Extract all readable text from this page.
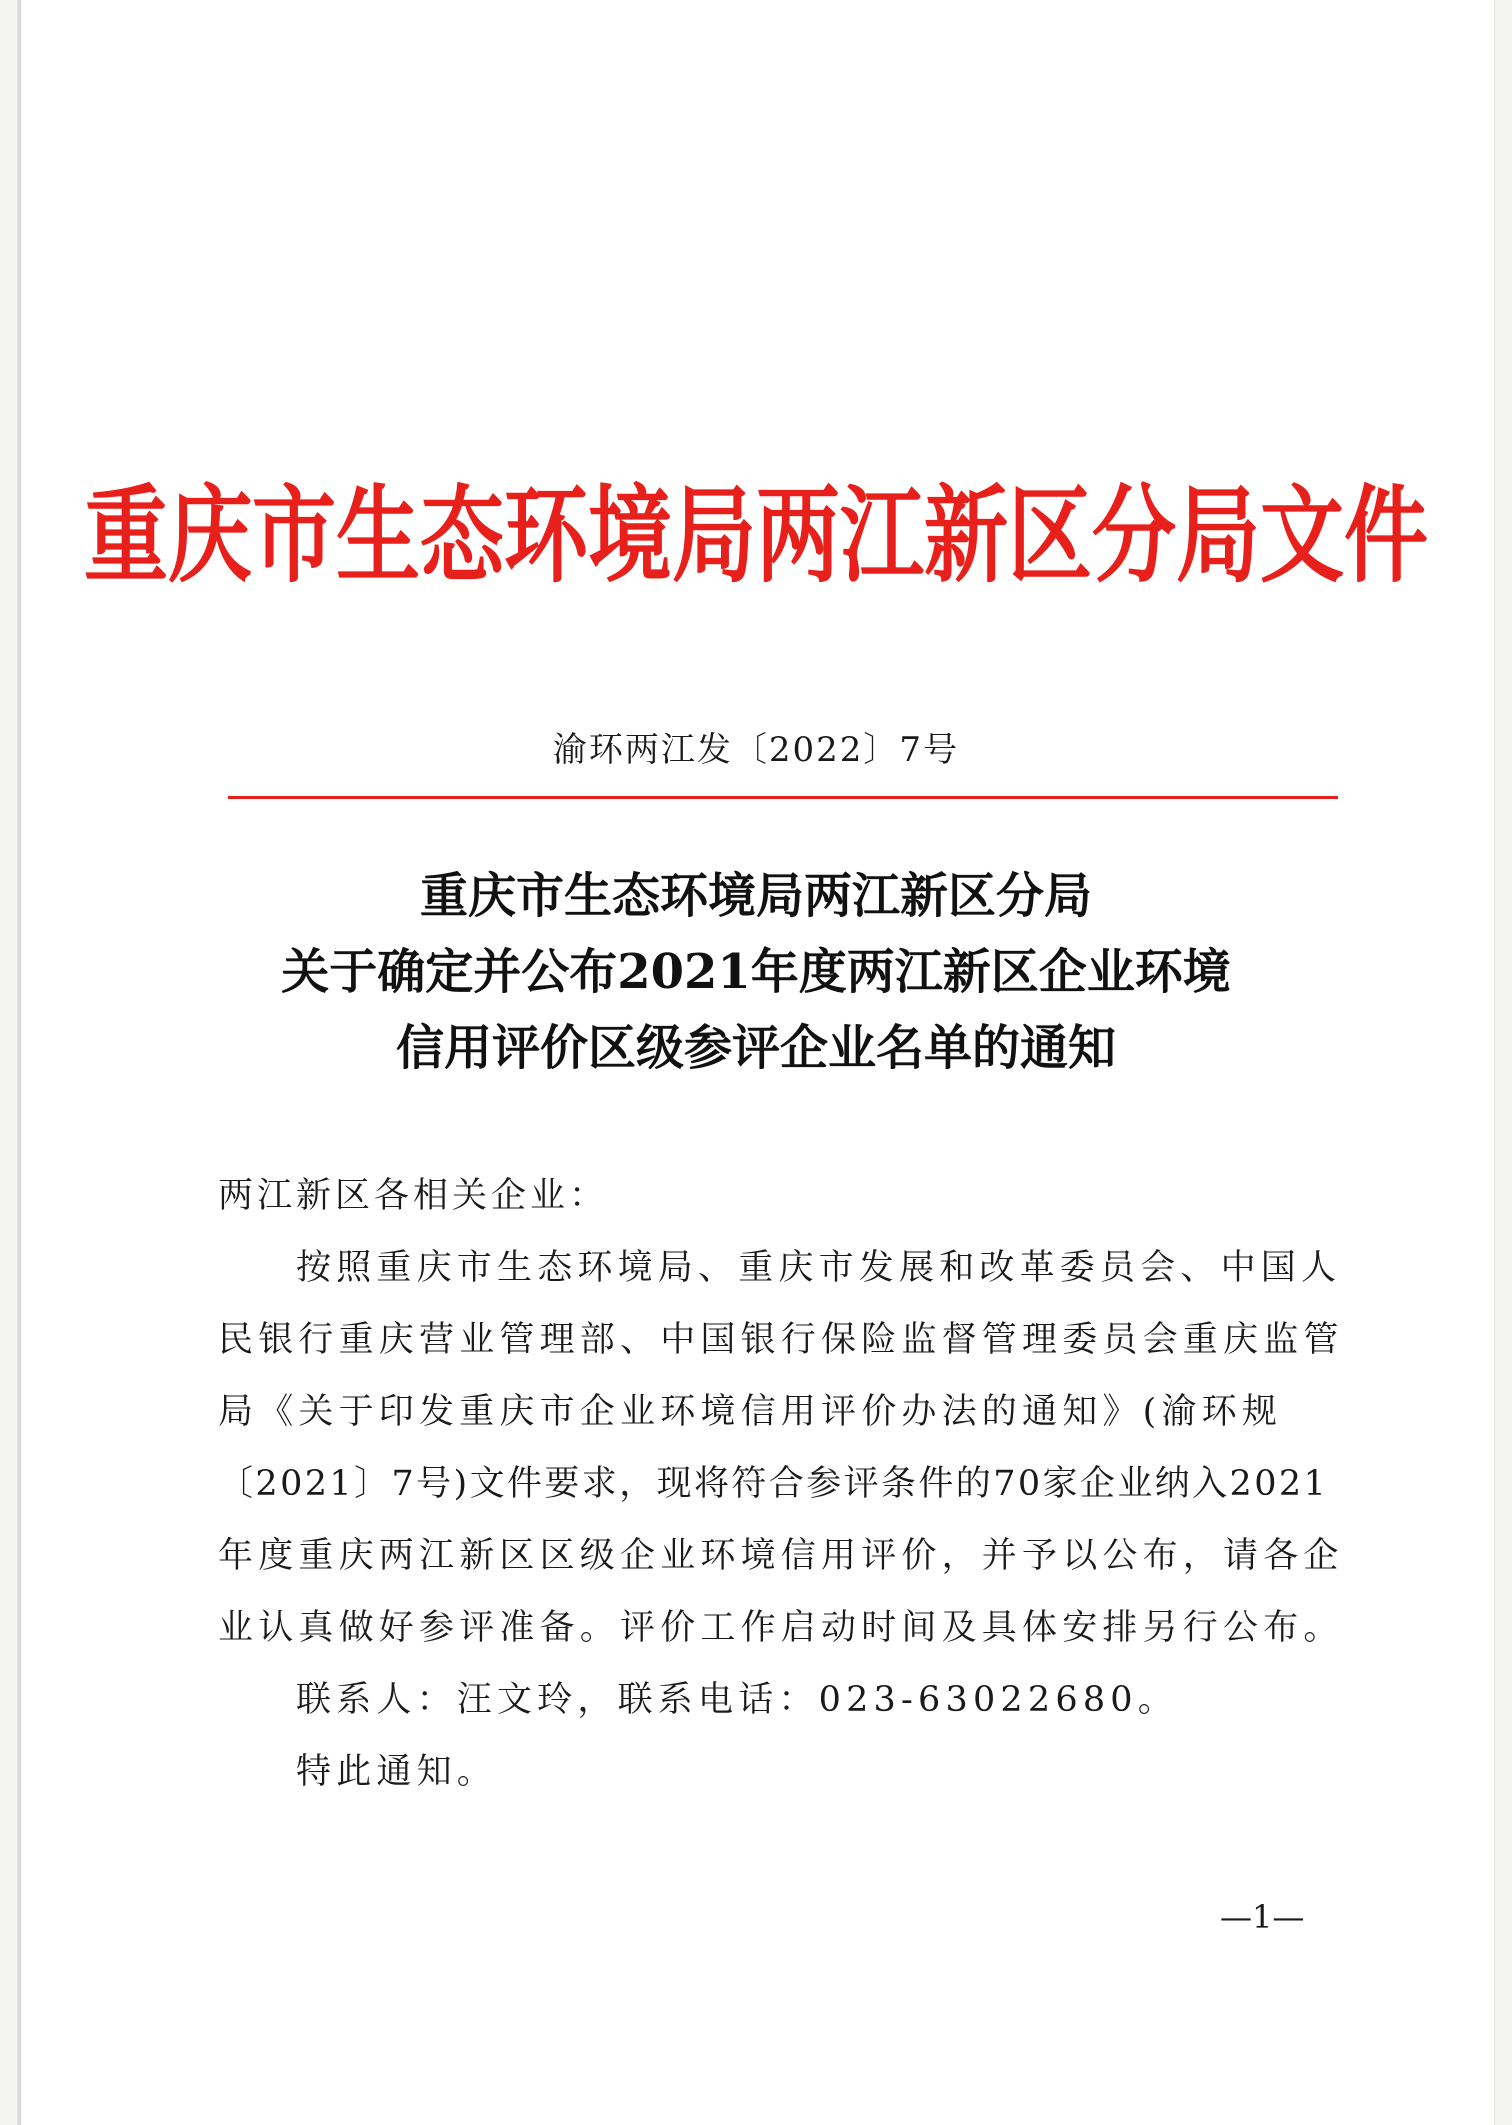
重庆市生态环境局两江新区分局文件
渝环两江发〔2022〕7号
重庆市生态环境局两江新区分局
关于确定并公布2021年度两江新区企业环境
信用评价区级参评企业名单的通知
两江新区各相关企业：
按照重庆市生态环境局、重庆市发展和改革委员会、中国人
民银行重庆营业管理部、中国银行保险监督管理委员会重庆监管
局《关于印发重庆市企业环境信用评价办法的通知》(渝环规
〔2021〕7号)文件要求，现将符合参评条件的70家企业纳入2021
年度重庆两江新区区级企业环境信用评价，并予以公布，请各企
业认真做好参评准备。评价工作启动时间及具体安排另行公布。
联系人：汪文玲，联系电话：023-63022680。
特此通知。
—1—
